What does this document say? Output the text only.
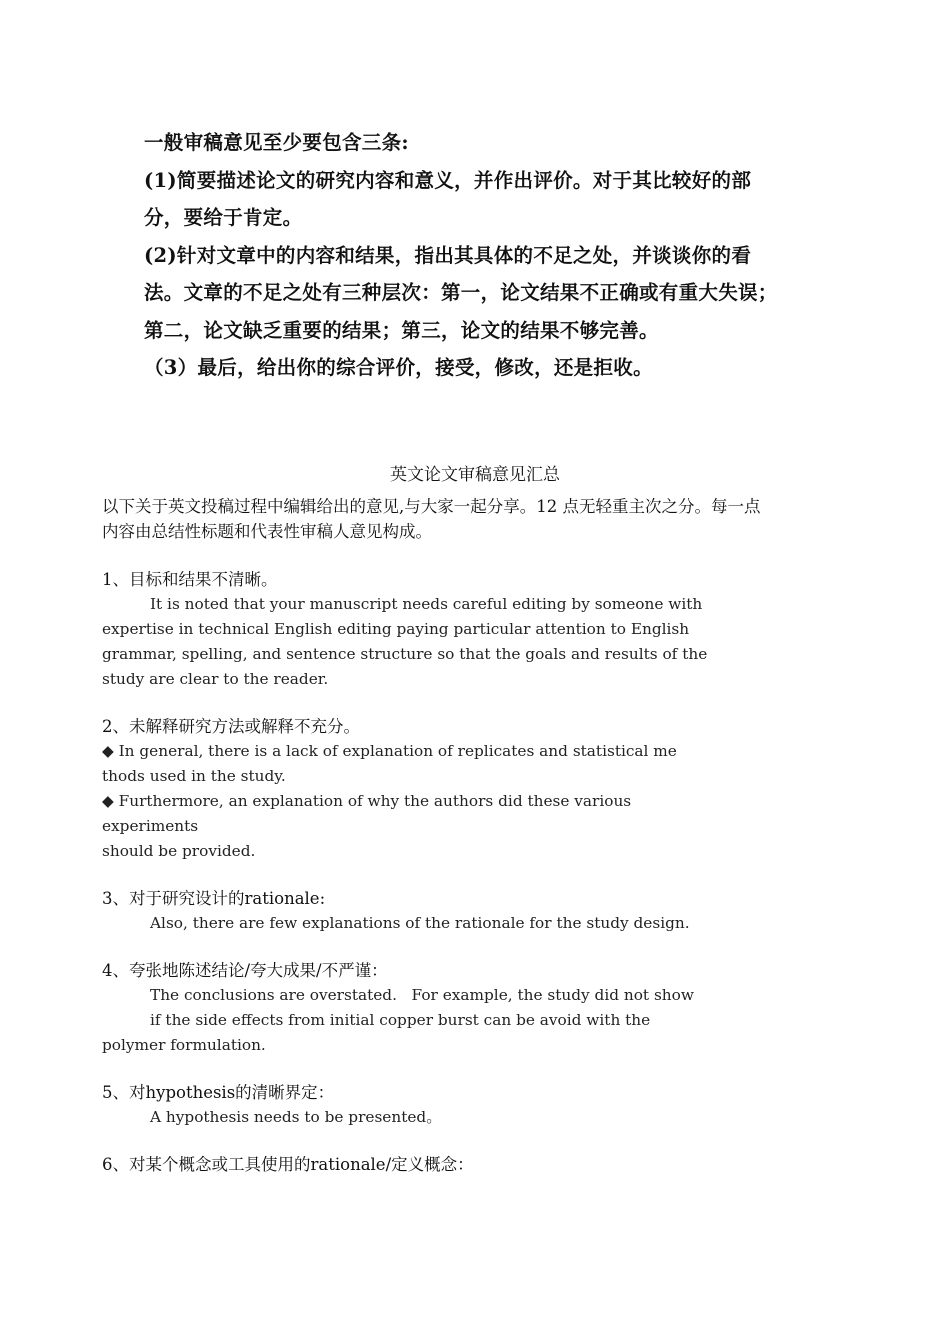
一般审稿意见至少要包含三条:
(1)简要描述论文的研究内容和意义，并作出评价。对于其比较好的部
分，要给于肯定。
(2)针对文章中的内容和结果，指出其具体的不足之处，并谈谈你的看
法。文章的不足之处有三种层次：第一，论文结果不正确或有重大失误；
第二，论文缺乏重要的结果；第三，论文的结果不够完善。
（3）最后，给出你的综合评价，接受，修改，还是拒收。
英文论文审稿意见汇总
以下关于英文投稿过程中编辑给出的意见,与大家一起分享。12 点无轻重主次之分。每一点
内容由总结性标题和代表性审稿人意见构成。
1、目标和结果不清晰。
It is noted that your manuscript needs careful editing by someone with
expertise in technical English editing paying particular attention to English
grammar, spelling, and sentence structure so that the goals and results of the
study are clear to the reader.
2、未解释研究方法或解释不充分。
◆ In general, there is a lack of explanation of replicates and statistical me
thods used in the study.
◆ Furthermore, an explanation of why the authors did these various
experiments
should be provided.
3、对于研究设计的rationale:
Also, there are few explanations of the rationale for the study design.
4、夸张地陈述结论/夸大成果/不严谨：
The conclusions are overstated.   For example, the study did not show
if the side effects from initial copper burst can be avoid with the
polymer formulation.
5、对hypothesis的清晰界定：
A hypothesis needs to be presented。
6、对某个概念或工具使用的rationale/定义概念：
